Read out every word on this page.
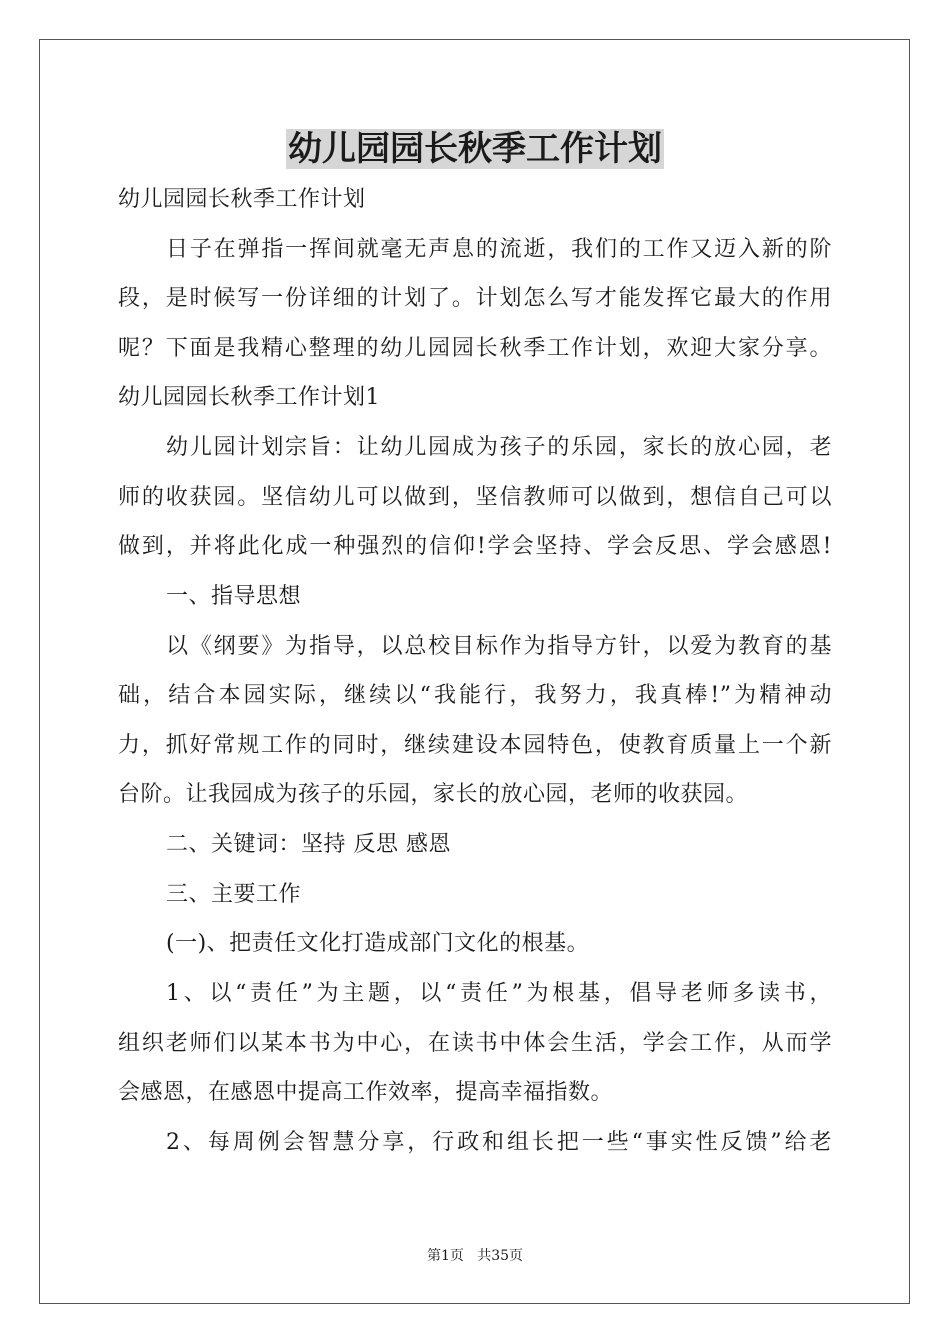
幼儿园园长秋季工作计划

幼儿园园长秋季工作计划

日子在弹指一挥间就毫无声息的流逝，我们的工作又迈入新的阶

段，是时候写一份详细的计划了。计划怎么写才能发挥它最大的作用

呢？下面是我精心整理的幼儿园园长秋季工作计划，欢迎大家分享。

幼儿园园长秋季工作计划1

幼儿园计划宗旨：让幼儿园成为孩子的乐园，家长的放心园，老

师的收获园。坚信幼儿可以做到，坚信教师可以做到，想信自己可以

做到，并将此化成一种强烈的信仰!学会坚持、学会反思、学会感恩!

一、指导思想

以《纲要》为指导，以总校目标作为指导方针，以爱为教育的基

础，结合本园实际，继续以“我能行，我努力，我真棒!”为精神动

力，抓好常规工作的同时，继续建设本园特色，使教育质量上一个新

台阶。让我园成为孩子的乐园，家长的放心园，老师的收获园。

二、关键词：坚持 反思 感恩

三、主要工作

(一)、把责任文化打造成部门文化的根基。

1、以“责任”为主题，以“责任”为根基，倡导老师多读书，

组织老师们以某本书为中心，在读书中体会生活，学会工作，从而学

会感恩，在感恩中提高工作效率，提高幸福指数。

2、每周例会智慧分享，行政和组长把一些“事实性反馈”给老

第1页   共35页
